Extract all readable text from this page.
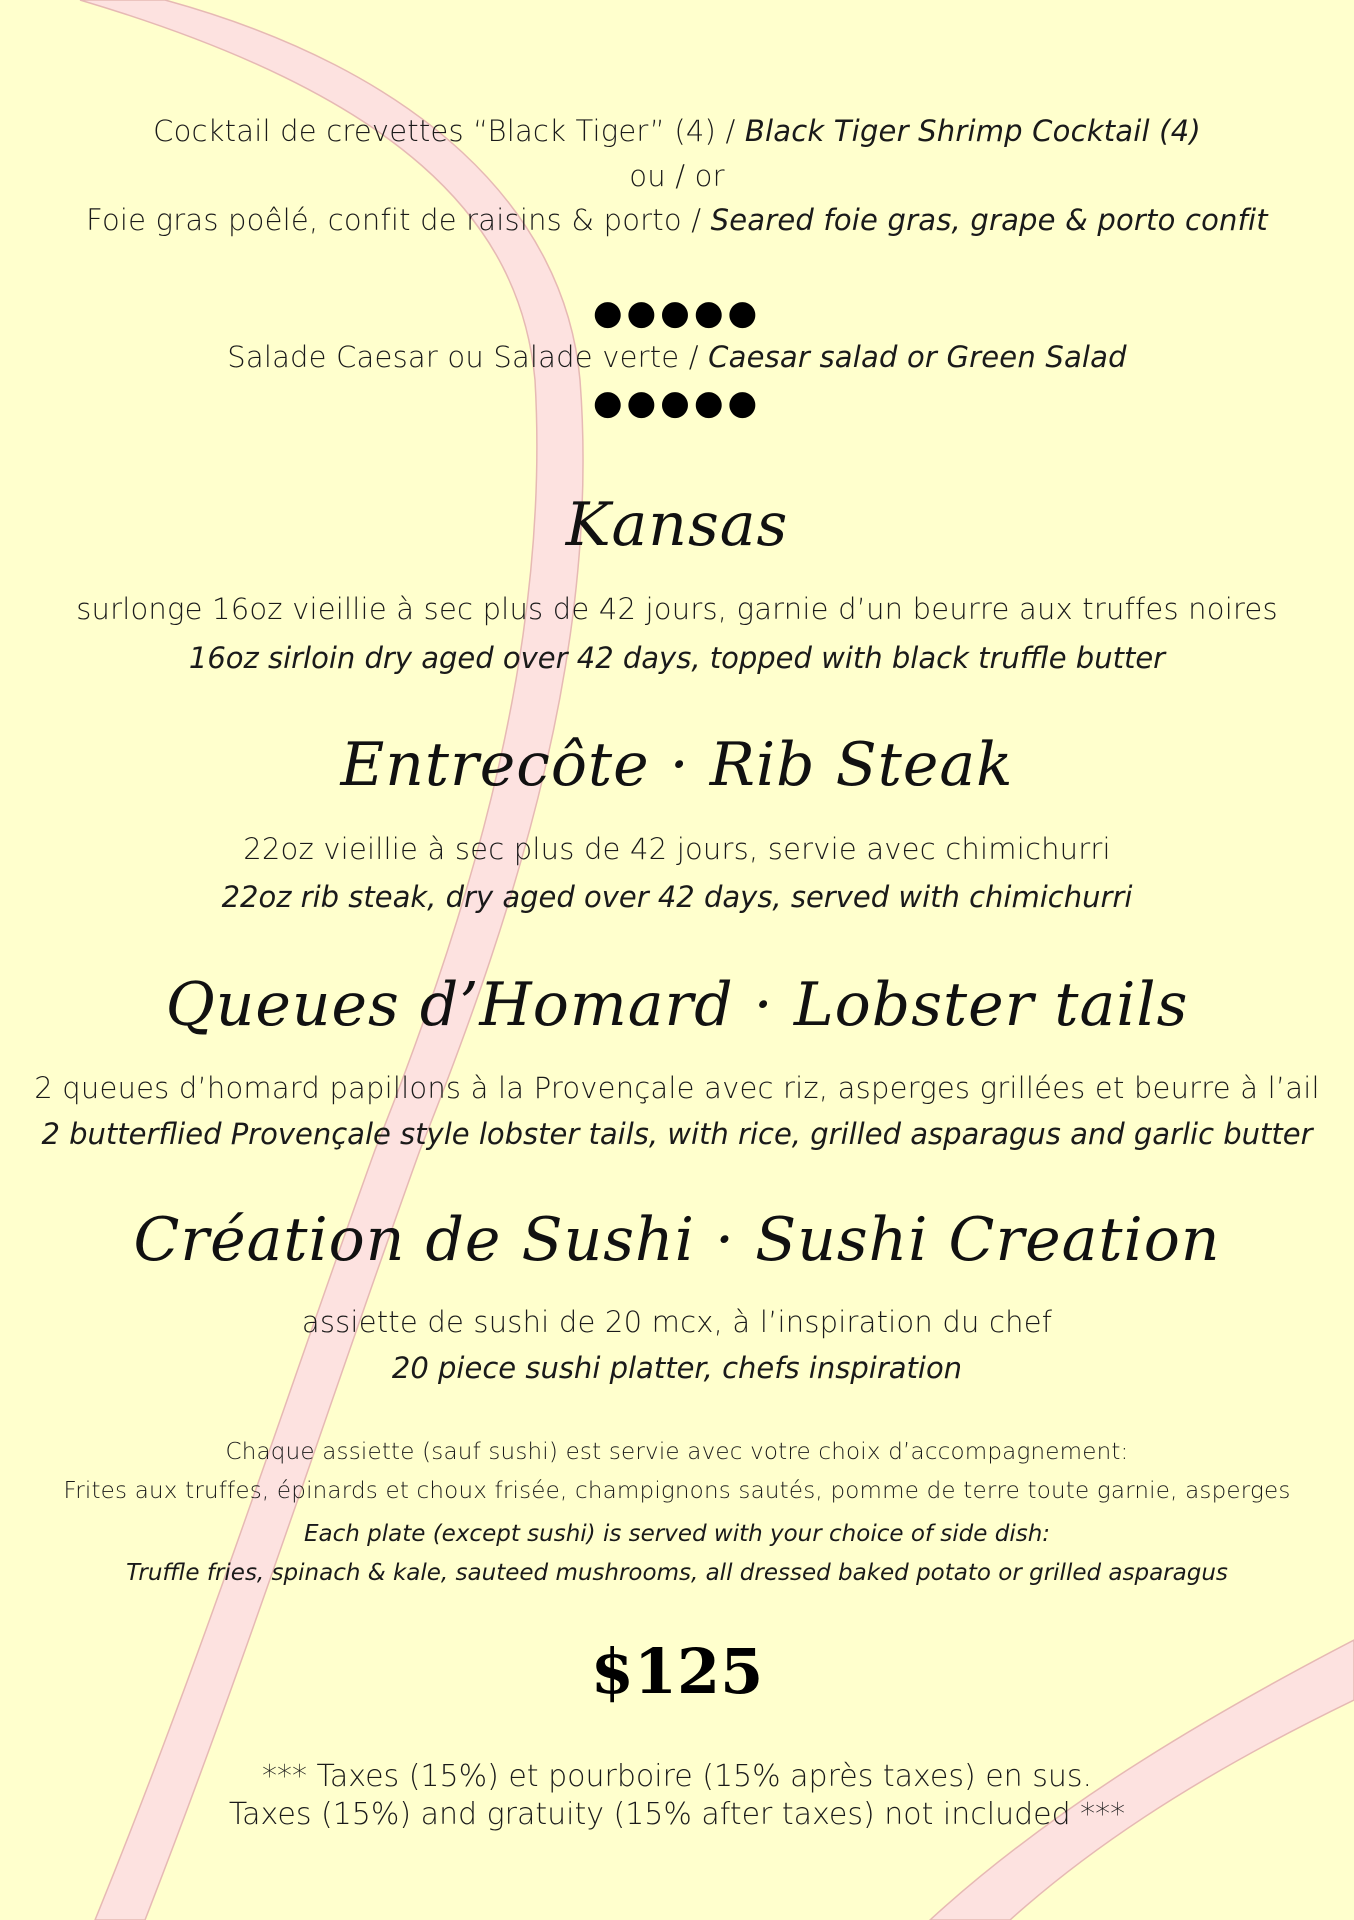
Cocktail de crevettes “Black Tiger” (4) / Black Tiger Shrimp Cocktail (4)
ou / or
Foie gras poêlé, confit de raisins & porto / Seared foie gras, grape & porto confit
●●●●●
Salade Caesar ou Salade verte / Caesar salad or Green Salad
●●●●●
Kansas
surlonge 16oz vieillie à sec plus de 42 jours, garnie d’un beurre aux truffes noires
16oz sirloin dry aged over 42 days, topped with black truffle butter
Entrecôte · Rib Steak
22oz vieillie à sec plus de 42 jours, servie avec chimichurri
22oz rib steak, dry aged over 42 days, served with chimichurri
Queues d’Homard · Lobster tails
2 queues d’homard papillons à la Provençale avec riz, asperges grillées et beurre à l’ail
2 butterflied Provençale style lobster tails, with rice, grilled asparagus and garlic butter
Création de Sushi · Sushi Creation
assiette de sushi de 20 mcx, à l’inspiration du chef
20 piece sushi platter, chefs inspiration
Chaque assiette (sauf sushi) est servie avec votre choix d’accompagnement:
Frites aux truffes, épinards et choux frisée, champignons sautés, pomme de terre toute garnie, asperges
Each plate (except sushi) is served with your choice of side dish:
Truffle fries, spinach & kale, sauteed mushrooms, all dressed baked potato or grilled asparagus
$125
*** Taxes (15%) et pourboire (15% après taxes) en sus.
Taxes (15%) and gratuity (15% after taxes) not included ***
